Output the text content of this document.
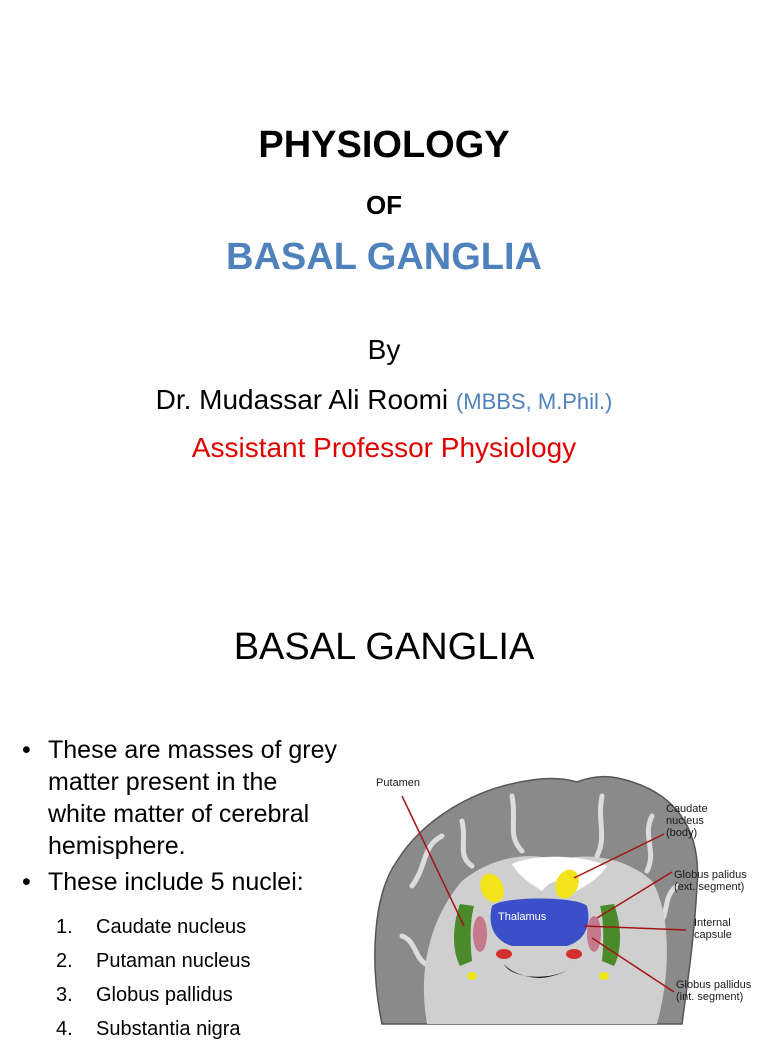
PHYSIOLOGY
OF
BASAL GANGLIA
By
Dr. Mudassar Ali Roomi (MBBS, M.Phil.)
Assistant Professor Physiology
BASAL GANGLIA
• These are masses of grey matter present in the white matter of cerebral hemisphere.
• These include 5 nuclei:
1. Caudate nucleus
2. Putaman nucleus
3. Globus pallidus
4. Substantia nigra
Thalamus
Putamen
Caudate
nucleus
(body)
Globus palidus
(ext. segment)
Internal
capsule
Globus pallidus
(int. segment)
